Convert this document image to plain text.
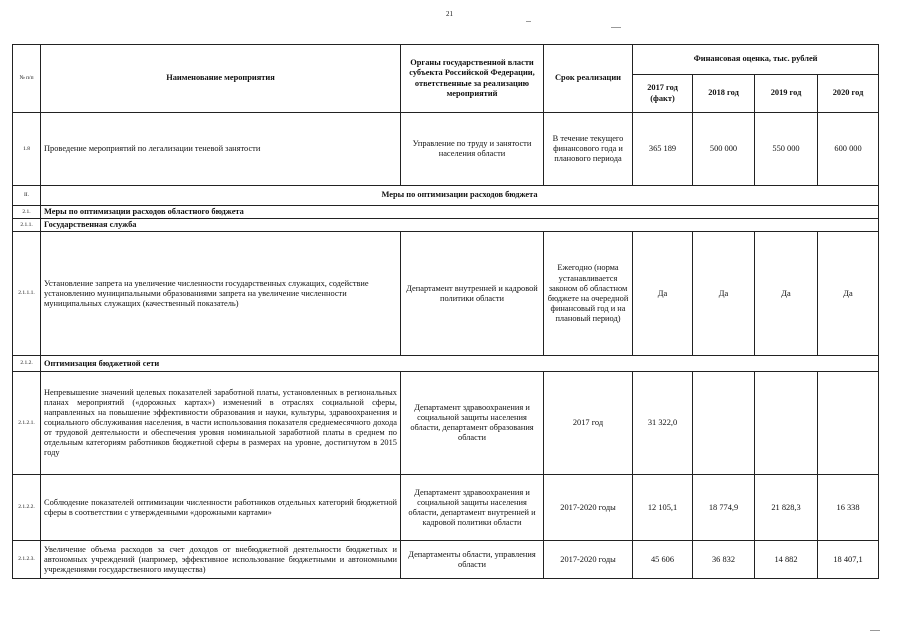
21
№ п/п	Наименование мероприятия	Органы государственной власти субъекта Российской Федерации, ответственные за реализацию мероприятий	Срок реализации	Финансовая оценка, тыс. рублей			
				2017 год (факт)	2018 год	2019 год	2020 год
1.8	Проведение мероприятий по легализации теневой занятости	Управление по труду и занятости населения области	В течение текущего финансового года и планового периода	365 189	500 000	550 000	600 000
II.	Меры по оптимизации расходов бюджета						
2.1.	Меры по оптимизации расходов областного бюджета						
2.1.1.	Государственная служба						
2.1.1.1.	Установление запрета на увеличение численности государственных служащих, содействие установлению муниципальными образованиями запрета на увеличение численности муниципальных служащих (качественный показатель)	Департамент внутренней и кадровой политики области	Ежегодно (норма устанавливается законом об областном бюджете на очередной финансовый год и на плановый период)	Да	Да	Да	Да
2.1.2.	Оптимизация бюджетной сети						
2.1.2.1.	Непревышение значений целевых показателей заработной платы, установленных в региональных планах мероприятий («дорожных картах») изменений в отраслях социальной сферы, направленных на повышение эффективности образования и науки, культуры, здравоохранения и социального обслуживания населения, в части использования показателя среднемесячного дохода от трудовой деятельности и обеспечения уровня номинальной заработной платы в среднем по отдельным категориям работников бюджетной сферы в размерах на уровне, достигнутом в 2015 году	Департамент здравоохранения и социальной защиты населения области, департамент образования области	2017 год	31 322,0			
2.1.2.2.	Соблюдение показателей оптимизации численности работников отдельных категорий бюджетной сферы в соответствии с утвержденными «дорожными картами»	Департамент здравоохранения и социальной защиты населения области, департамент внутренней и кадровой политики области	2017-2020 годы	12 105,1	18 774,9	21 828,3	16 338
2.1.2.3.	Увеличение объема расходов за счет доходов от внебюджетной деятельности бюджетных и автономных учреждений (например, эффективное использование бюджетными и автономными учреждениями государственного имущества)	Департаменты области, управления области	2017-2020 годы	45 606	36 832	14 882	18 407,1
